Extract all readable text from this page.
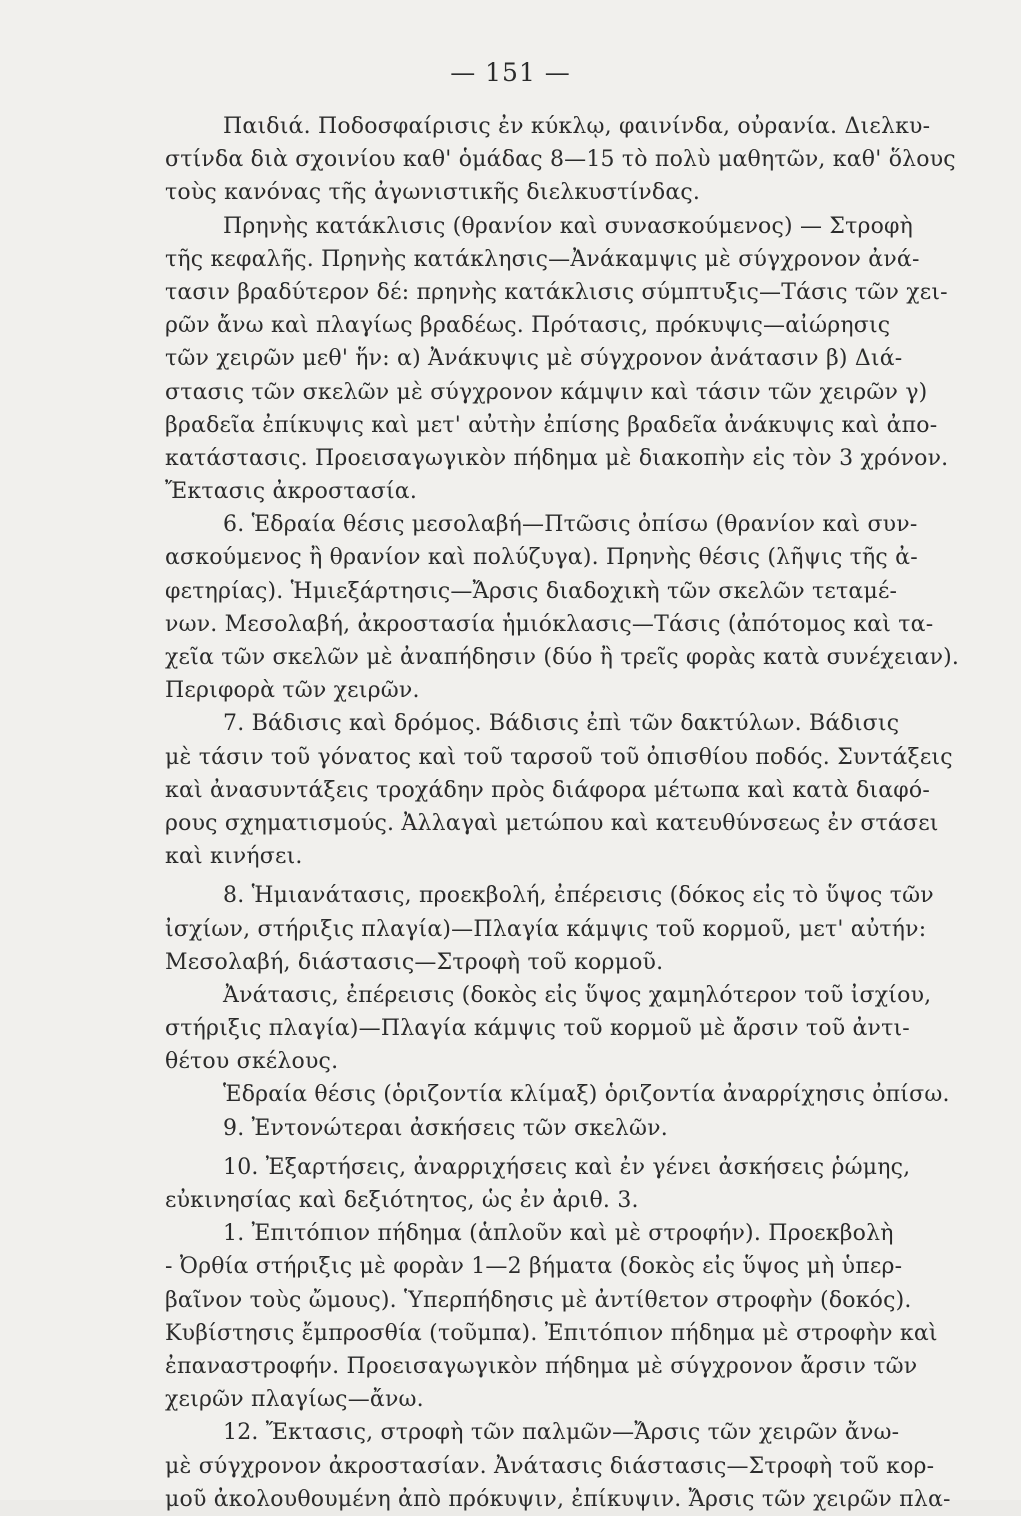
— 151 —
Παιδιά. Ποδοσφαίρισις ἐν κύκλῳ, φαινίνδα, οὐρανία. Διελκυ-
στίνδα διὰ σχοινίου καθ' ὁμάδας 8—15 τὸ πολὺ μαθητῶν, καθ' ὅλους
τοὺς κανόνας τῆς ἀγωνιστικῆς διελκυστίνδας.
Πρηνὴς κατάκλισις (θρανίον καὶ συνασκούμενος) — Στροφὴ
τῆς κεφαλῆς. Πρηνὴς κατάκλησις—Ἀνάκαμψις μὲ σύγχρονον ἀνά-
τασιν βραδύτερον δέ: πρηνὴς κατάκλισις σύμπτυξις—Τάσις τῶν χει-
ρῶν ἄνω καὶ πλαγίως βραδέως. Πρότασις, πρόκυψις—αἰώρησις
τῶν χειρῶν μεθ' ἥν: α) Ἀνάκυψις μὲ σύγχρονον ἀνάτασιν β) Διά-
στασις τῶν σκελῶν μὲ σύγχρονον κάμψιν καὶ τάσιν τῶν χειρῶν γ)
βραδεῖα ἐπίκυψις καὶ μετ' αὐτὴν ἐπίσης βραδεῖα ἀνάκυψις καὶ ἀπο-
κατάστασις. Προεισαγωγικὸν πήδημα μὲ διακοπὴν εἰς τὸν 3 χρόνον.
Ἔκτασις ἀκροστασία.
6. Ἑδραία θέσις μεσολαβή—Πτῶσις ὀπίσω (θρανίον καὶ συν-
ασκούμενος ἢ θρανίον καὶ πολύζυγα). Πρηνὴς θέσις (λῆψις τῆς ἀ-
φετηρίας). Ἡμιεξάρτησις—Ἄρσις διαδοχικὴ τῶν σκελῶν τεταμέ-
νων. Μεσολαβή, ἀκροστασία ἡμιόκλασις—Τάσις (ἀπότομος καὶ τα-
χεῖα τῶν σκελῶν μὲ ἀναπήδησιν (δύο ἢ τρεῖς φορὰς κατὰ συνέχειαν).
Περιφορὰ τῶν χειρῶν.
7. Βάδισις καὶ δρόμος. Βάδισις ἐπὶ τῶν δακτύλων. Βάδισις
μὲ τάσιν τοῦ γόνατος καὶ τοῦ ταρσοῦ τοῦ ὀπισθίου ποδός. Συντάξεις
καὶ ἀνασυντάξεις τροχάδην πρὸς διάφορα μέτωπα καὶ κατὰ διαφό-
ρους σχηματισμούς. Ἀλλαγαὶ μετώπου καὶ κατευθύνσεως ἐν στάσει
καὶ κινήσει.
8. Ἡμιανάτασις, προεκβολή, ἐπέρεισις (δόκος εἰς τὸ ὕψος τῶν
ἰσχίων, στήριξις πλαγία)—Πλαγία κάμψις τοῦ κορμοῦ, μετ' αὐτήν:
Μεσολαβή, διάστασις—Στροφὴ τοῦ κορμοῦ.
Ἀνάτασις, ἐπέρεισις (δοκὸς εἰς ὕψος χαμηλότερον τοῦ ἰσχίου,
στήριξις πλαγία)—Πλαγία κάμψις τοῦ κορμοῦ μὲ ἄρσιν τοῦ ἀντι-
θέτου σκέλους.
Ἑδραία θέσις (ὁριζοντία κλίμαξ) ὁριζοντία ἀναρρίχησις ὀπίσω.
9. Ἐντονώτεραι ἀσκήσεις τῶν σκελῶν.
10. Ἐξαρτήσεις, ἀναρριχήσεις καὶ ἐν γένει ἀσκήσεις ῥώμης,
εὐκινησίας καὶ δεξιότητος, ὡς ἐν ἀριθ. 3.
1. Ἐπιτόπιον πήδημα (ἁπλοῦν καὶ μὲ στροφήν). Προεκβολὴ
- Ὀρθία στήριξις μὲ φορὰν 1—2 βήματα (δοκὸς εἰς ὕψος μὴ ὑπερ-
βαῖνον τοὺς ὤμους). Ὑπερπήδησις μὲ ἀντίθετον στροφὴν (δοκός).
Κυβίστησις ἔμπροσθία (τοῦμπα). Ἐπιτόπιον πήδημα μὲ στροφὴν καὶ
ἐπαναστροφήν. Προεισαγωγικὸν πήδημα μὲ σύγχρονον ἄρσιν τῶν
χειρῶν πλαγίως—ἄνω.
12. Ἔκτασις, στροφὴ τῶν παλμῶν—Ἄρσις τῶν χειρῶν ἄνω-
μὲ σύγχρονον ἀκροστασίαν. Ἀνάτασις διάστασις—Στροφὴ τοῦ κορ-
μοῦ ἀκολουθουμένη ἀπὸ πρόκυψιν, ἐπίκυψιν. Ἄρσις τῶν χειρῶν πλα-
